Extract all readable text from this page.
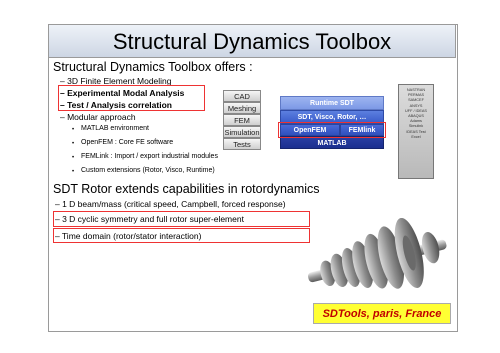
Structural Dynamics Toolbox
Structural Dynamics Toolbox offers :
– 3D Finite Element Modeling
– Experimental Modal Analysis
– Test / Analysis correlation
– Modular approach
• MATLAB environment
• OpenFEM : Core FE software
• FEMLink : Import / export industrial modules
• Custom extensions (Rotor, Visco, Runtime)
CAD
Meshing
FEM
Simulation
Tests
Runtime SDT
SDT, Visco, Rotor, …
OpenFEM	FEMlink
MATLAB
NASTRAN
PERMAS
SAMCEF
ANSYS
UFF / IDEAS
ABAQUS
Adams
Simulink
IDEAS Test
Excel
SDT Rotor extends capabilities in rotordynamics
– 1 D beam/mass (critical speed, Campbell, forced response)
– 3 D cyclic symmetry and full rotor super-element
– Time domain (rotor/stator interaction)
SDTools, paris, France
